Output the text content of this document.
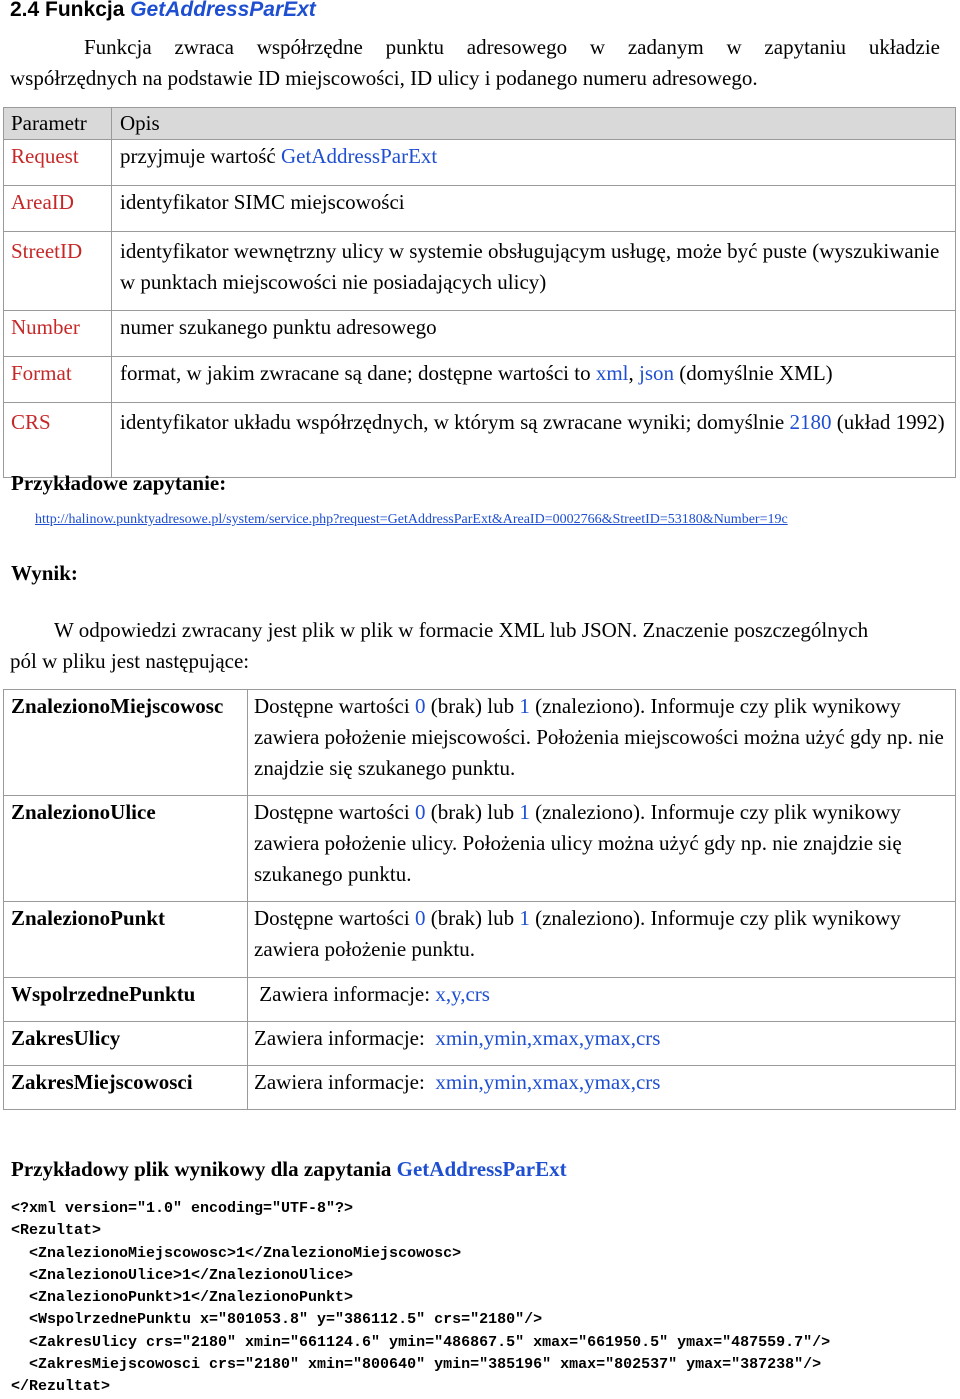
2.4 Funkcja GetAddressParExt
Funkcja zwraca współrzędne punktu adresowego w zadanym w zapytaniu układzie
współrzędnych na podstawie ID miejscowości, ID ulicy i podanego numeru adresowego.
Parametr	Opis
Request	przyjmuje wartość GetAddressParExt
AreaID	identyfikator SIMC miejscowości
StreetID	identyfikator wewnętrzny ulicy w systemie obsługującym usługę, może być puste (wyszukiwanie w punktach miejscowości nie posiadających ulicy)
Number	numer szukanego punktu adresowego
Format	format, w jakim zwracane są dane; dostępne wartości to xml, json (domyślnie XML)
CRS	identyfikator układu współrzędnych, w którym są zwracane wyniki; domyślnie 2180 (układ 1992)
Przykładowe zapytanie:
http://halinow.punktyadresowe.pl/system/service.php?request=GetAddressParExt&AreaID=0002766&StreetID=53180&Number=19c
Wynik:
W odpowiedzi zwracany jest plik w plik w formacie XML lub JSON. Znaczenie poszczególnych
pól w pliku jest następujące:
ZnalezionoMiejscowosc	Dostępne wartości 0 (brak) lub 1 (znaleziono). Informuje czy plik wynikowy zawiera położenie miejscowości. Położenia miejscowości można użyć gdy np. nie znajdzie się szukanego punktu.
ZnalezionoUlice	Dostępne wartości 0 (brak) lub 1 (znaleziono). Informuje czy plik wynikowy zawiera położenie ulicy. Położenia ulicy można użyć gdy np. nie znajdzie się szukanego punktu.
ZnalezionoPunkt	Dostępne wartości 0 (brak) lub 1 (znaleziono). Informuje czy plik wynikowy zawiera położenie punktu.
WspolrzednePunktu	Zawiera informacje: x,y,crs
ZakresUlicy	Zawiera informacje:  xmin,ymin,xmax,ymax,crs
ZakresMiejscowosci	Zawiera informacje:  xmin,ymin,xmax,ymax,crs
Przykładowy plik wynikowy dla zapytania GetAddressParExt
<?xml version="1.0" encoding="UTF-8"?>
<Rezultat>
<ZnalezionoMiejscowosc>1</ZnalezionoMiejscowosc>
<ZnalezionoUlice>1</ZnalezionoUlice>
<ZnalezionoPunkt>1</ZnalezionoPunkt>
<WspolrzednePunktu x="801053.8" y="386112.5" crs="2180"/>
<ZakresUlicy crs="2180" xmin="661124.6" ymin="486867.5" xmax="661950.5" ymax="487559.7"/>
<ZakresMiejscowosci crs="2180" xmin="800640" ymin="385196" xmax="802537" ymax="387238"/>
</Rezultat>
